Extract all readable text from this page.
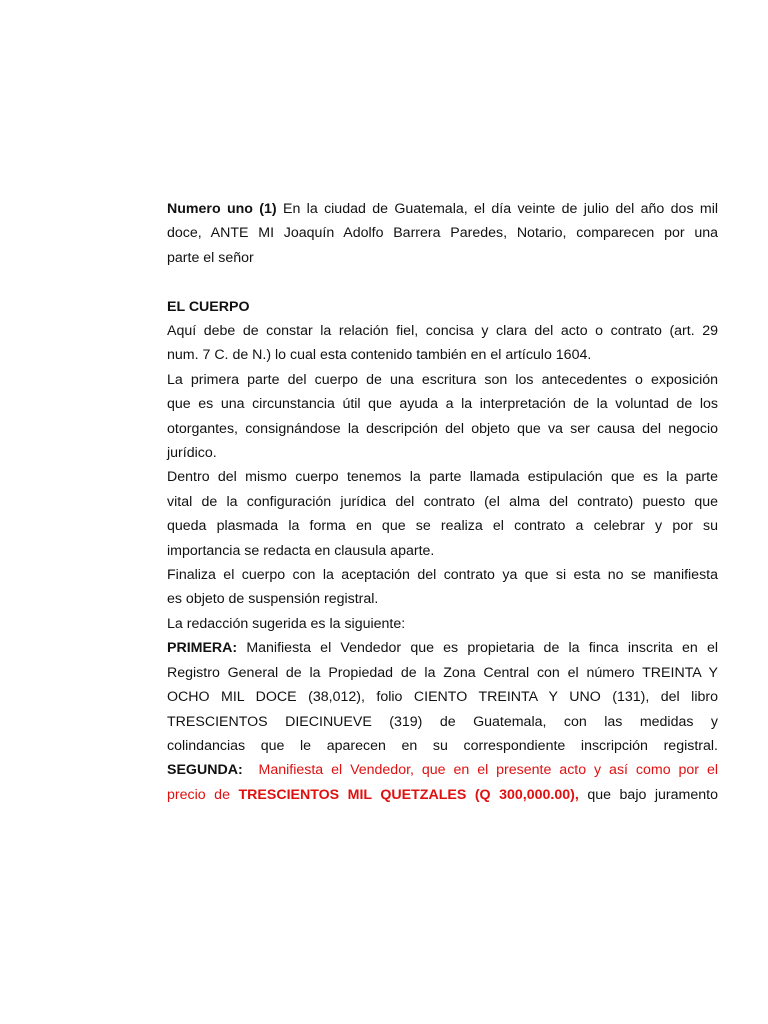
Numero uno (1) En la ciudad de Guatemala, el día veinte de julio del año dos mil
doce, ANTE MI Joaquín Adolfo Barrera Paredes, Notario, comparecen por una
parte el señor
EL CUERPO
Aquí debe de constar la relación fiel, concisa y clara del acto o contrato (art. 29
num. 7 C. de N.) lo cual esta contenido también en el artículo 1604.
La primera parte del cuerpo de una escritura son los antecedentes o exposición
que es una circunstancia útil que ayuda a la interpretación de la voluntad de los
otorgantes, consignándose la descripción del objeto que va ser causa del negocio
jurídico.
Dentro del mismo cuerpo tenemos la parte llamada estipulación que es la parte
vital de la configuración jurídica del contrato (el alma del contrato) puesto que
queda plasmada la forma en que se realiza el contrato a celebrar y por su
importancia se redacta en clausula aparte.
Finaliza el cuerpo con la aceptación del contrato ya que si esta no se manifiesta
es objeto de suspensión registral.
La redacción sugerida es la siguiente:
PRIMERA: Manifiesta el Vendedor que es propietaria de la finca inscrita en el
Registro General de la Propiedad de la Zona Central con el número TREINTA Y
OCHO MIL DOCE (38,012), folio CIENTO TREINTA Y UNO (131), del libro
TRESCIENTOS DIECINUEVE (319) de Guatemala, con las medidas y
colindancias que le aparecen en su correspondiente inscripción registral.
SEGUNDA:  Manifiesta el Vendedor, que en el presente acto y así como por el
precio de TRESCIENTOS MIL QUETZALES (Q 300,000.00), que bajo juramento
